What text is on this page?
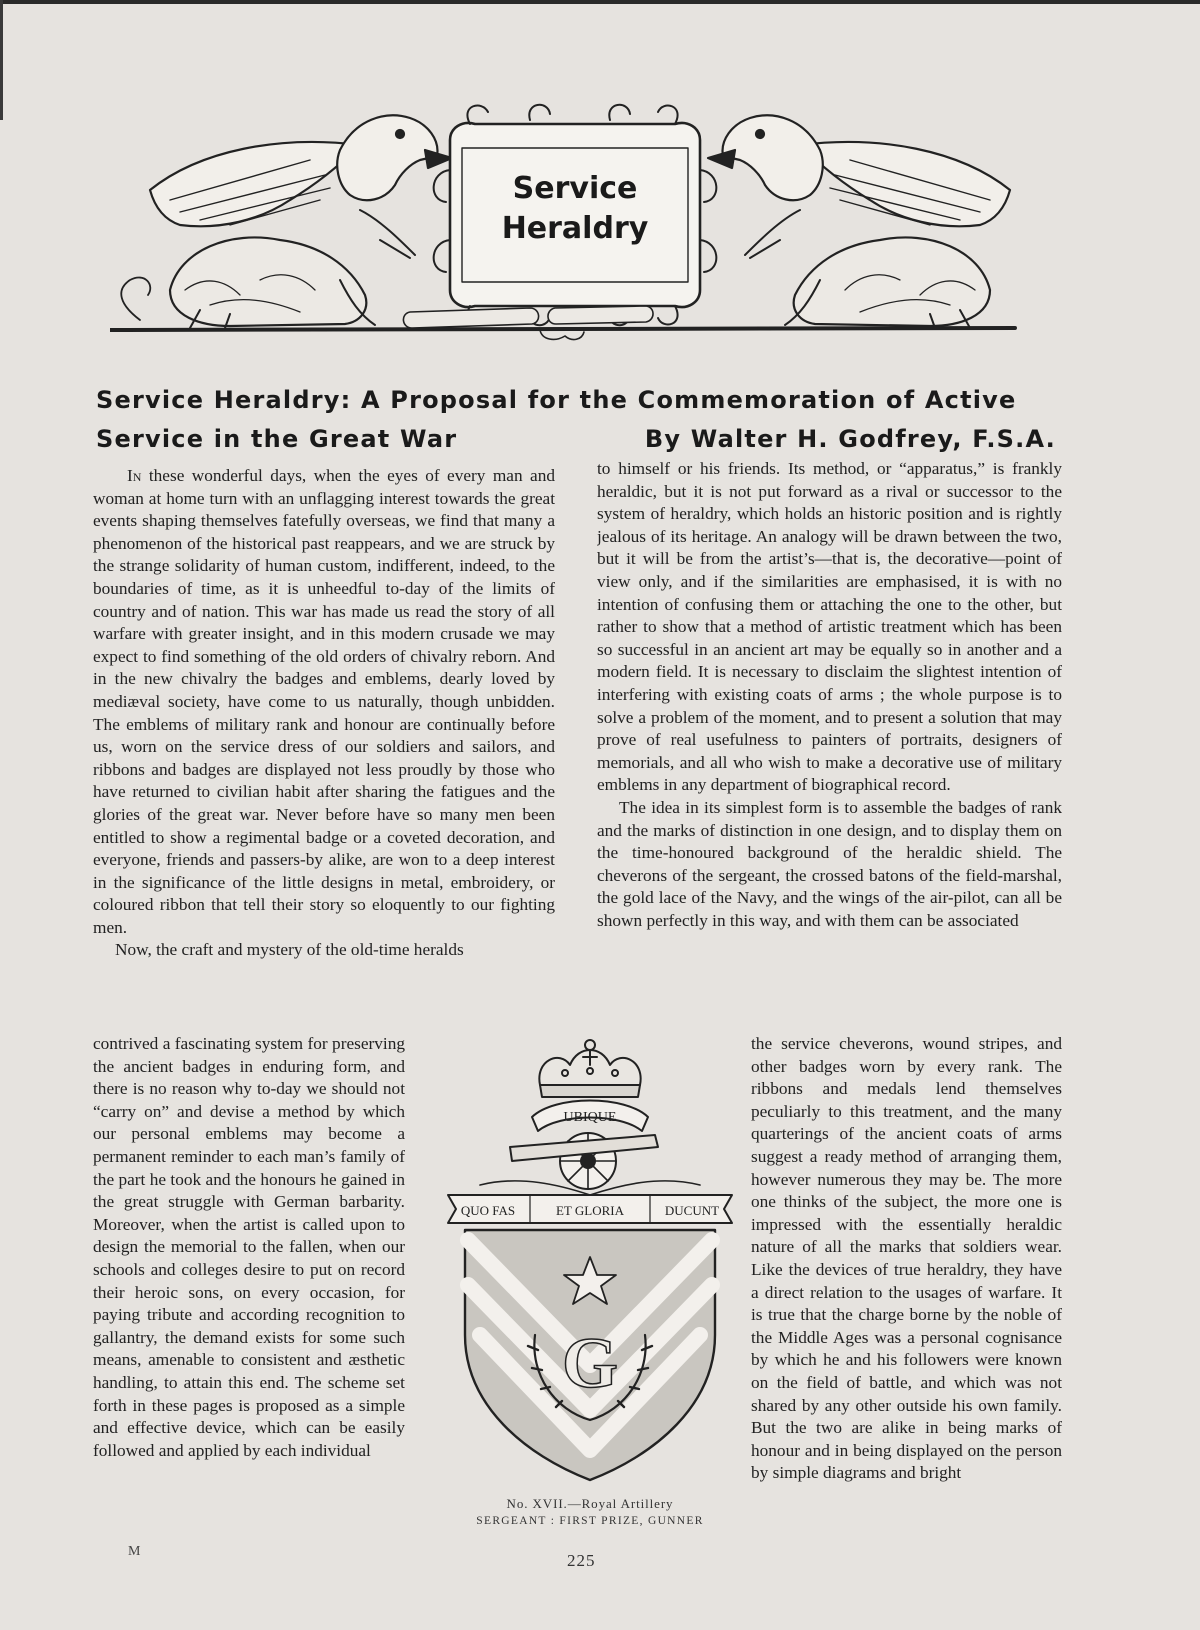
Service
Heraldry
Service Heraldry: A Proposal for the Commemoration of Active
Service in the Great War	By Walter H. Godfrey, F.S.A.

In these wonderful days, when the eyes of every man and woman at home turn with an unflagging interest towards the great events shaping themselves fatefully overseas, we find that many a phenomenon of the historical past reappears, and we are struck by the strange solidarity of human custom, indifferent, indeed, to the boundaries of time, as it is unheedful to-day of the limits of country and of nation. This war has made us read the story of all warfare with greater insight, and in this modern crusade we may expect to find something of the old orders of chivalry reborn. And in the new chivalry the badges and emblems, dearly loved by mediæval society, have come to us naturally, though unbidden. The emblems of military rank and honour are continually before us, worn on the service dress of our soldiers and sailors, and ribbons and badges are displayed not less proudly by those who have returned to civilian habit after sharing the fatigues and the glories of the great war. Never before have so many men been entitled to show a regimental badge or a coveted decoration, and everyone, friends and passers-by alike, are won to a deep interest in the significance of the little designs in metal, embroidery, or coloured ribbon that tell their story so eloquently to our fighting men.

Now, the craft and mystery of the old-time heralds

contrived a fascinating system for preserving the ancient badges in enduring form, and there is no reason why to-day we should not “carry on” and devise a method by which our personal emblems may become a permanent reminder to each man’s family of the part he took and the honours he gained in the great struggle with German barbarity. Moreover, when the artist is called upon to design the memorial to the fallen, when our schools and colleges desire to put on record their heroic sons, on every occasion, for paying tribute and according recognition to gallantry, the demand exists for some such means, amenable to consistent and æsthetic handling, to attain this end. The scheme set forth in these pages is proposed as a simple and effective device, which can be easily followed and applied by each individual

to himself or his friends. Its method, or “apparatus,” is frankly heraldic, but it is not put forward as a rival or successor to the system of heraldry, which holds an historic position and is rightly jealous of its heritage. An analogy will be drawn between the two, but it will be from the artist’s—that is, the decorative—point of view only, and if the similarities are emphasised, it is with no intention of confusing them or attaching the one to the other, but rather to show that a method of artistic treatment which has been so successful in an ancient art may be equally so in another and a modern field. It is necessary to disclaim the slightest intention of interfering with existing coats of arms ; the whole purpose is to solve a problem of the moment, and to present a solution that may prove of real usefulness to painters of portraits, designers of memorials, and all who wish to make a decorative use of military emblems in any department of biographical record.

The idea in its simplest form is to assemble the badges of rank and the marks of distinction in one design, and to display them on the time-honoured background of the heraldic shield. The cheverons of the sergeant, the crossed batons of the field-marshal, the gold lace of the Navy, and the wings of the air-pilot, can all be shown perfectly in this way, and with them can be associated

the service cheverons, wound stripes, and other badges worn by every rank. The ribbons and medals lend themselves peculiarly to this treatment, and the many quarterings of the ancient coats of arms suggest a ready method of arranging them, however numerous they may be. The more one thinks of the subject, the more one is impressed with the essentially heraldic nature of all the marks that soldiers wear. Like the devices of true heraldry, they have a direct relation to the usages of warfare. It is true that the charge borne by the noble of the Middle Ages was a personal cognisance by which he and his followers were known on the field of battle, and which was not shared by any other outside his own family. But the two are alike in being marks of honour and in being displayed on the person by simple diagrams and bright

UBIQUE
QUO FAS	ET GLORIA	DUCUNT
G
No. XVII.—Royal Artillery
SERGEANT : FIRST PRIZE, GUNNER
M	225
